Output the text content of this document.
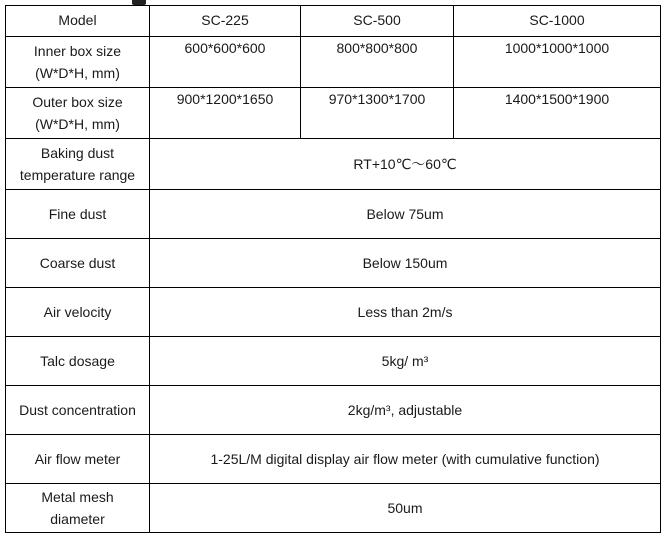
Model	SC-225	SC-500	SC-1000

Inner box size
(W*D*H, mm)	600*600*600	800*800*800	1000*1000*1000

Outer box size
(W*D*H, mm)	900*1200*1650	970*1300*1700	1400*1500*1900

Baking dust
temperature range	RT+10℃～60℃		

Fine dust	Below 75um		

Coarse dust	Below 150um		

Air velocity	Less than 2m/s		

Talc dosage	5kg/ m³		

Dust concentration	2kg/m³, adjustable		

Air flow meter	1-25L/M digital display air flow meter (with cumulative function)		

Metal mesh
diameter	50um		
